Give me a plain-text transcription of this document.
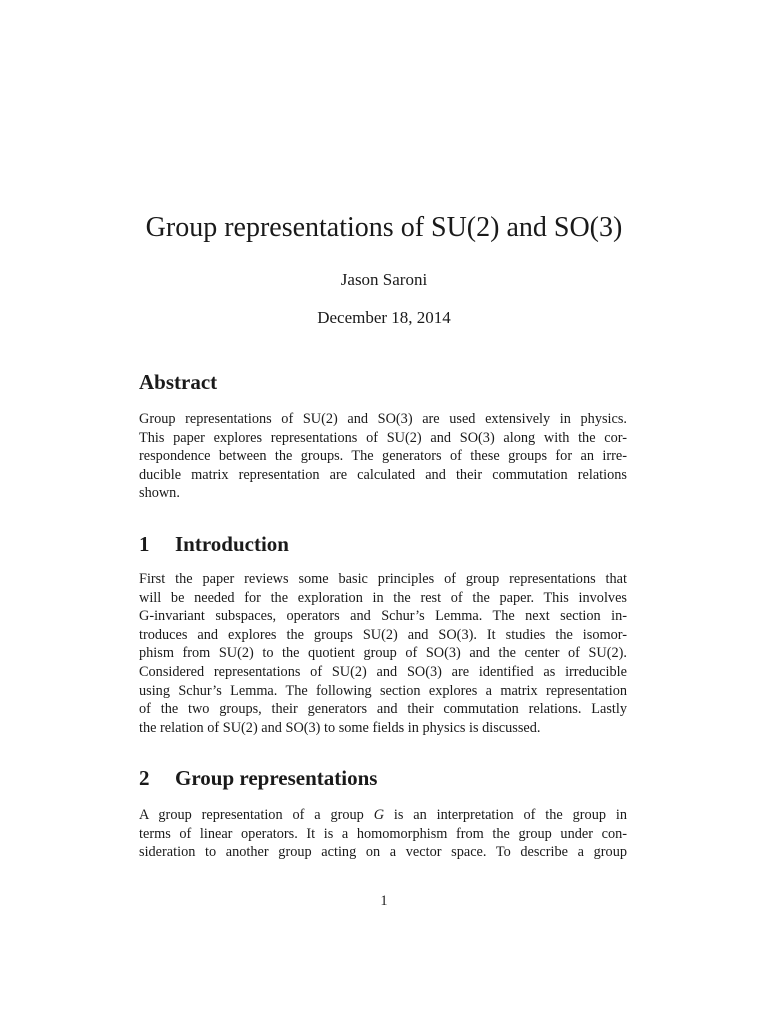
Group representations of SU(2) and SO(3)

Jason Saroni

December 18, 2014

Abstract
Group representations of SU(2) and SO(3) are used extensively in physics.
This paper explores representations of SU(2) and SO(3) along with the cor-
respondence between the groups. The generators of these groups for an irre-
ducible matrix representation are calculated and their commutation relations
shown.
1 Introduction
First the paper reviews some basic principles of group representations that
will be needed for the exploration in the rest of the paper. This involves
G-invariant subspaces, operators and Schur’s Lemma. The next section in-
troduces and explores the groups SU(2) and SO(3). It studies the isomor-
phism from SU(2) to the quotient group of SO(3) and the center of SU(2).
Considered representations of SU(2) and SO(3) are identified as irreducible
using Schur’s Lemma. The following section explores a matrix representation
of the two groups, their generators and their commutation relations. Lastly
the relation of SU(2) and SO(3) to some fields in physics is discussed.
2 Group representations
A group representation of a group G is an interpretation of the group in
terms of linear operators. It is a homomorphism from the group under con-
sideration to another group acting on a vector space. To describe a group

1
